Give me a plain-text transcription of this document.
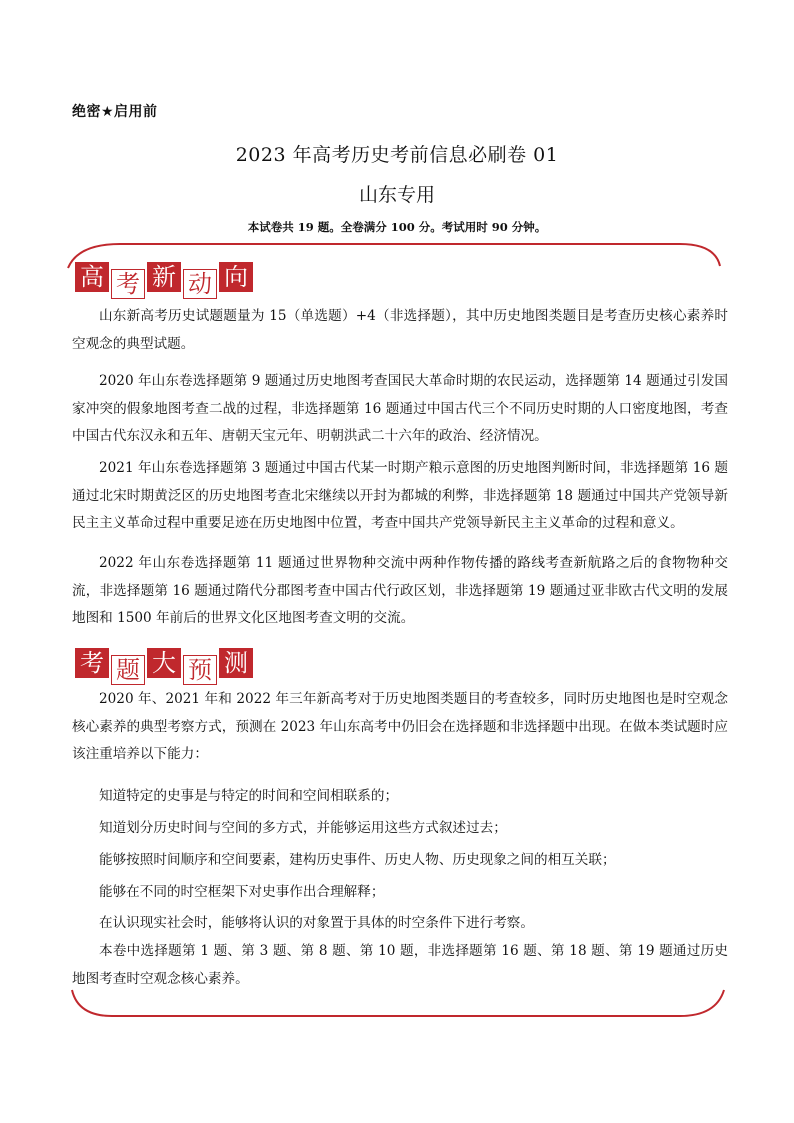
绝密★启用前
2023 年高考历史考前信息必刷卷 01
山东专用
本试卷共 19 题。全卷满分 100 分。考试用时 90 分钟。
高 考 新 动 向

山东新高考历史试题题量为 15（单选题）+4（非选择题），其中历史地图类题目是考查历史核心素养时空观念的典型试题。

2020 年山东卷选择题第 9 题通过历史地图考查国民大革命时期的农民运动，选择题第 14 题通过引发国家冲突的假象地图考查二战的过程，非选择题第 16 题通过中国古代三个不同历史时期的人口密度地图，考查中国古代东汉永和五年、唐朝天宝元年、明朝洪武二十六年的政治、经济情况。

2021 年山东卷选择题第 3 题通过中国古代某一时期产粮示意图的历史地图判断时间，非选择题第 16 题通过北宋时期黄泛区的历史地图考查北宋继续以开封为都城的利弊，非选择题第 18 题通过中国共产党领导新民主主义革命过程中重要足迹在历史地图中位置，考查中国共产党领导新民主主义革命的过程和意义。

2022 年山东卷选择题第 11 题通过世界物种交流中两种作物传播的路线考查新航路之后的食物物种交流，非选择题第 16 题通过隋代分郡图考查中国古代行政区划，非选择题第 19 题通过亚非欧古代文明的发展地图和 1500 年前后的世界文化区地图考查文明的交流。

考 题 大 预 测

2020 年、2021 年和 2022 年三年新高考对于历史地图类题目的考查较多，同时历史地图也是时空观念核心素养的典型考察方式，预测在 2023 年山东高考中仍旧会在选择题和非选择题中出现。在做本类试题时应该注重培养以下能力：

知道特定的史事是与特定的时间和空间相联系的；

知道划分历史时间与空间的多方式，并能够运用这些方式叙述过去；

能够按照时间顺序和空间要素，建构历史事件、历史人物、历史现象之间的相互关联；

能够在不同的时空框架下对史事作出合理解释；

在认识现实社会时，能够将认识的对象置于具体的时空条件下进行考察。

本卷中选择题第 1 题、第 3 题、第 8 题、第 10 题，非选择题第 16 题、第 18 题、第 19 题通过历史地图考查时空观念核心素养。
